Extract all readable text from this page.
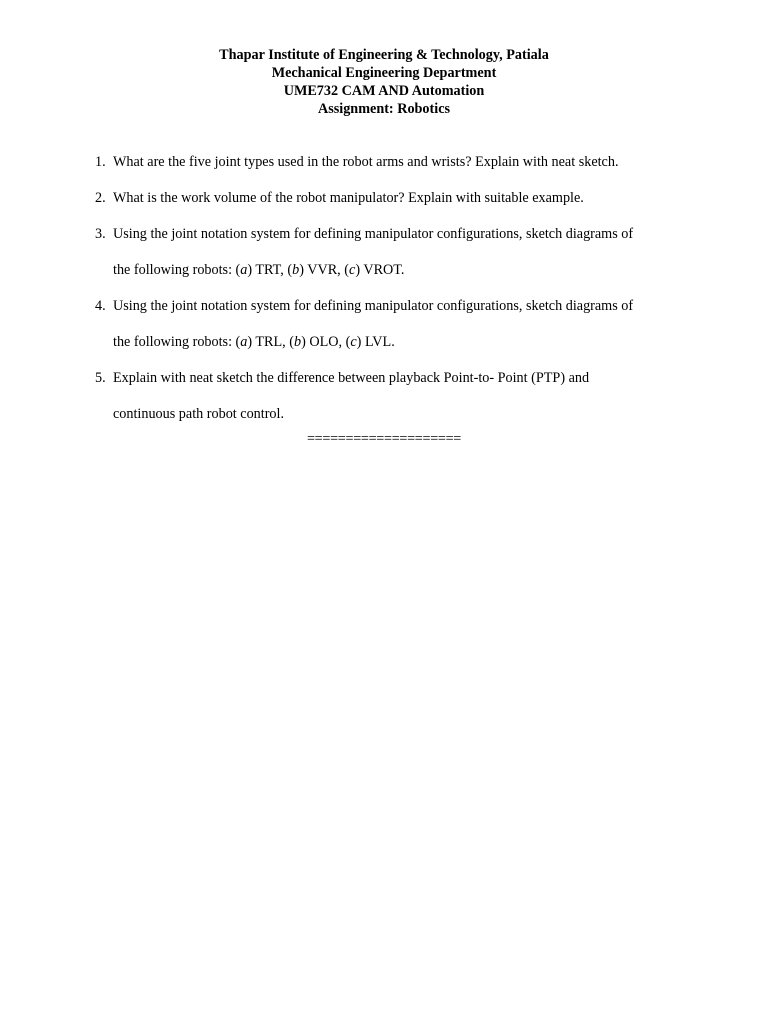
Thapar Institute of Engineering & Technology, Patiala
Mechanical Engineering Department
UME732 CAM AND Automation
Assignment: Robotics
1. What are the five joint types used in the robot arms and wrists? Explain with neat sketch.
2. What is the work volume of the robot manipulator? Explain with suitable example.
3. Using the joint notation system for defining manipulator configurations, sketch diagrams of
the following robots: (a) TRT, (b) VVR, (c) VROT.
4. Using the joint notation system for defining manipulator configurations, sketch diagrams of
the following robots: (a) TRL, (b) OLO, (c) LVL.
5. Explain with neat sketch the difference between playback Point-to- Point (PTP) and
continuous path robot control.
====================
